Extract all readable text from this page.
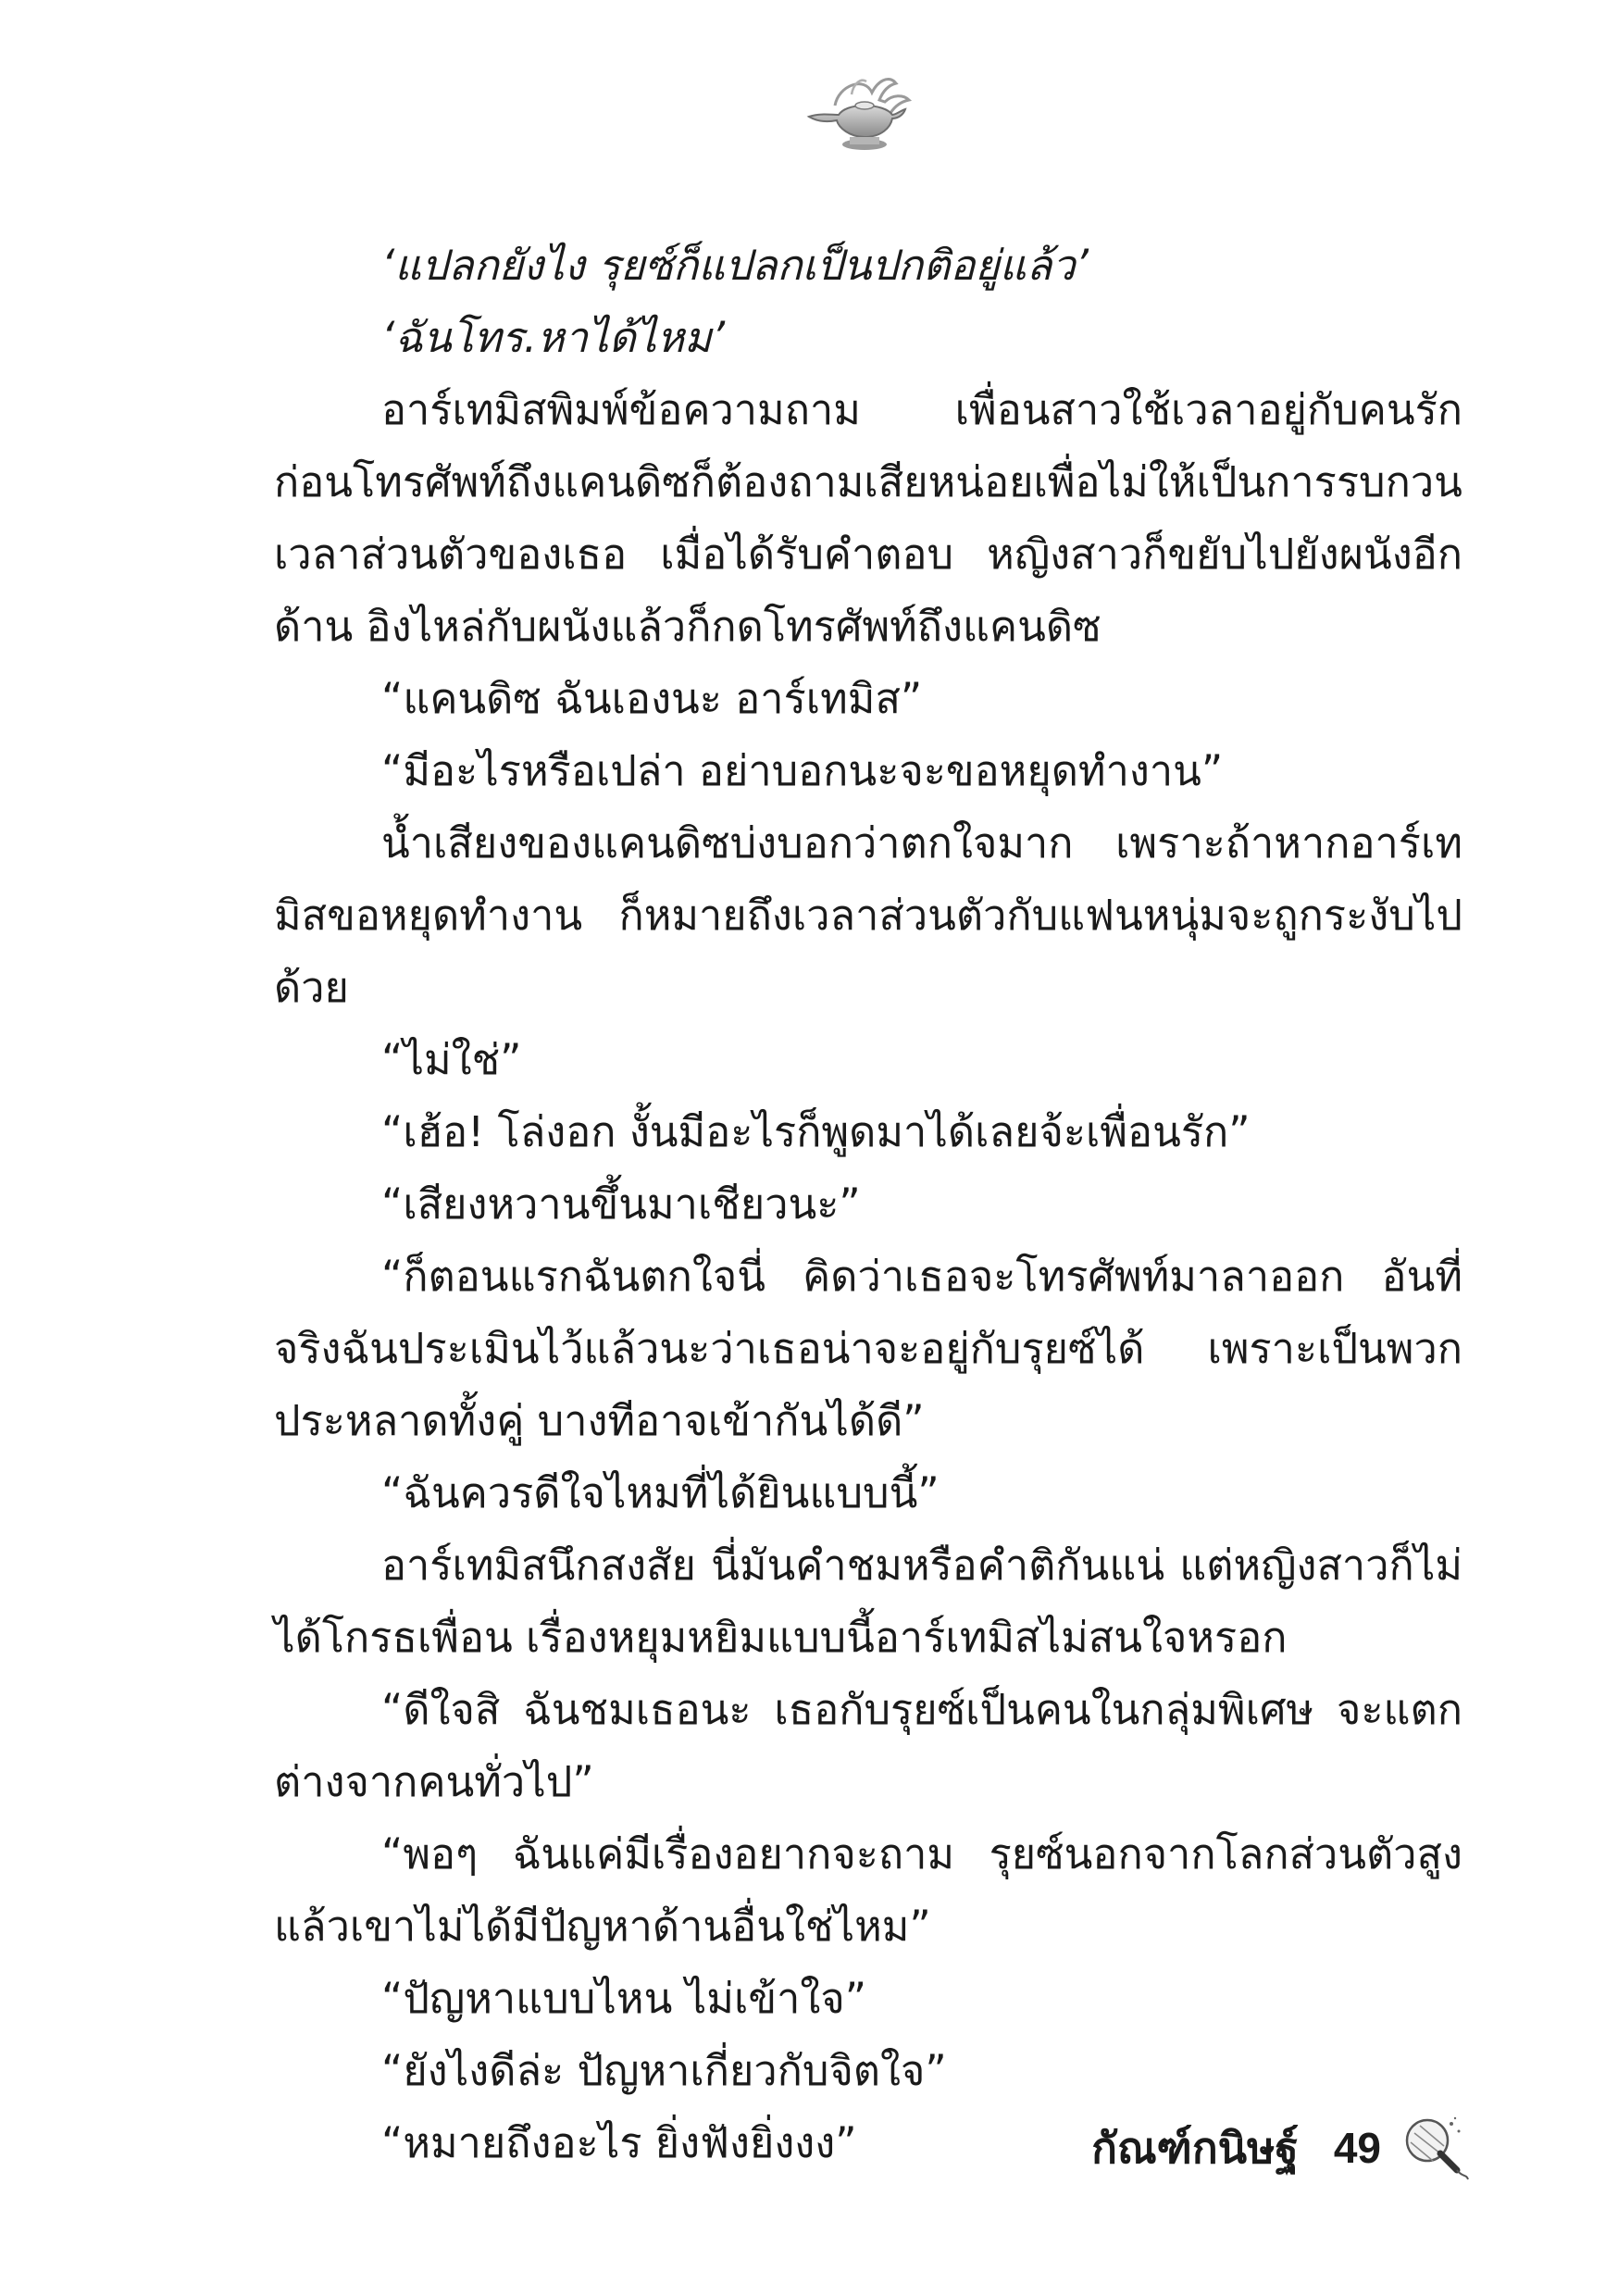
‘แปลกยังไง รุยซ์ก็แปลกเป็นปกติอยู่แล้ว’

‘ฉันโทร.หาได้ไหม’

อาร์เทมิสพิมพ์ข้อความถาม เพื่อนสาวใช้เวลาอยู่กับคนรัก ก่อนโทรศัพท์ถึงแคนดิซก็ต้องถามเสียหน่อยเพื่อไม่ให้เป็นการรบกวนเวลาส่วนตัวของเธอ เมื่อได้รับคำตอบ หญิงสาวก็ขยับไปยังผนังอีกด้าน อิงไหล่กับผนังแล้วก็กดโทรศัพท์ถึงแคนดิซ

“แคนดิซ ฉันเองนะ อาร์เทมิส”

“มีอะไรหรือเปล่า อย่าบอกนะจะขอหยุดทำงาน”

น้ำเสียงของแคนดิซบ่งบอกว่าตกใจมาก เพราะถ้าหากอาร์เทมิสขอหยุดทำงาน ก็หมายถึงเวลาส่วนตัวกับแฟนหนุ่มจะถูกระงับไปด้วย

“ไม่ใช่”

“เฮ้อ! โล่งอก งั้นมีอะไรก็พูดมาได้เลยจ้ะเพื่อนรัก”

“เสียงหวานขึ้นมาเชียวนะ”

“ก็ตอนแรกฉันตกใจนี่ คิดว่าเธอจะโทรศัพท์มาลาออก อันที่จริงฉันประเมินไว้แล้วนะว่าเธอน่าจะอยู่กับรุยซ์ได้ เพราะเป็นพวกประหลาดทั้งคู่ บางทีอาจเข้ากันได้ดี”

“ฉันควรดีใจไหมที่ได้ยินแบบนี้”

อาร์เทมิสนึกสงสัย นี่มันคำชมหรือคำติกันแน่ แต่หญิงสาวก็ไม่ได้โกรธเพื่อน เรื่องหยุมหยิมแบบนี้อาร์เทมิสไม่สนใจหรอก

“ดีใจสิ ฉันชมเธอนะ เธอกับรุยซ์เป็นคนในกลุ่มพิเศษ จะแตกต่างจากคนทั่วไป”

“พอๆ ฉันแค่มีเรื่องอยากจะถาม รุยซ์นอกจากโลกส่วนตัวสูงแล้วเขาไม่ได้มีปัญหาด้านอื่นใช่ไหม”

“ปัญหาแบบไหน ไม่เข้าใจ”

“ยังไงดีล่ะ ปัญหาเกี่ยวกับจิตใจ”

“หมายถึงอะไร ยิ่งฟังยิ่งงง”	กัณฑ์กนิษฐ์ 49
